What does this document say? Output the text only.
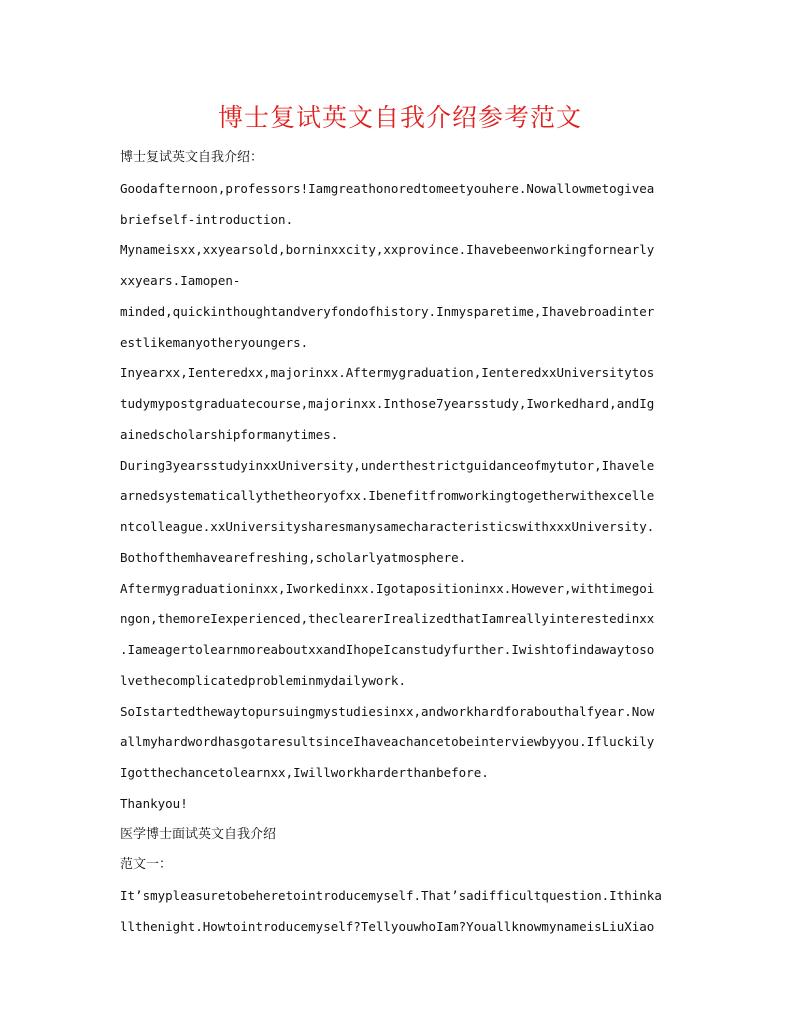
博士复试英文自我介绍参考范文
博士复试英文自我介绍：
Goodafternoon,professors!Iamgreathonoredtomeetyouhere.Nowallowmetogivea
briefself-introduction.
Mynameisxx,xxyearsold,borninxxcity,xxprovince.Ihavebeenworkingfornearly
xxyears.Iamopen-
minded,quickinthoughtandveryfondofhistory.Inmysparetime,Ihavebroadinter
estlikemanyotheryoungers.
Inyearxx,Ienteredxx,majorinxx.Aftermygraduation,IenteredxxUniversitytos
tudymypostgraduatecourse,majorinxx.Inthose7yearsstudy,Iworkedhard,andIg
ainedscholarshipformanytimes.
During3yearsstudyinxxUniversity,underthestrictguidanceofmytutor,Ihavele
arnedsystematicallythetheoryofxx.Ibenefitfromworkingtogetherwithexcelle
ntcolleague.xxUniversitysharesmanysamecharacteristicswithxxxUniversity.
Bothofthemhavearefreshing,scholarlyatmosphere.
Aftermygraduationinxx,Iworkedinxx.Igotapositioninxx.However,withtimegoi
ngon,themoreIexperienced,theclearerIrealizedthatIamreallyinterestedinxx
.IameagertolearnmoreaboutxxandIhopeIcanstudyfurther.Iwishtofindawaytoso
lvethecomplicatedprobleminmydailywork.
SoIstartedthewaytopursuingmystudiesinxx,andworkhardforabouthalfyear.Now
allmyhardwordhasgotaresultsinceIhaveachancetobeinterviewbyyou.Ifluckily
Igotthechancetolearnxx,Iwillworkharderthanbefore.
Thankyou!
医学博士面试英文自我介绍
范文一：
It’smypleasuretobeheretointroducemyself.That’sadifficultquestion.Ithinka
llthenight.Howtointroducemyself?TellyouwhoIam?YouallknowmynameisLiuXiao
